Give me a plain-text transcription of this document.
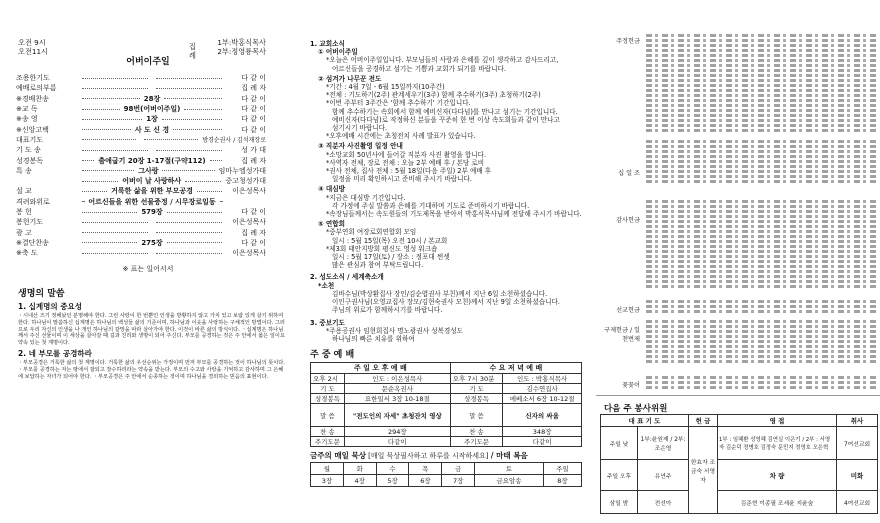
오전 9시
오전11시
집례
1부:박홍식목사
2부:정영룡목사
어버이주일
조용한기도	다 같 이
예배로의부름	집 례 자
※경배찬송	28장	다 같 이
※교 독	98번(어버이주일)	다 같 이
※송 영	1장	다 같 이
※신앙고백	사 도 신 경	다 같 이
대표기도	방경순권사 / 김석재장로
기 도 송	성 가 대
성경봉독	출애굽기 20장 1-17절(구약112)	집 례 자
특 송	그사랑	임마누엘성가대
어버이 날 사랑하사	중고청성가대
설 교	거룩한 삶을 위한 부모공경	이은성목사
격려와위로	어르신들을 위한 선물증정 / 시무장로일동
봉 헌	579장	다 같 이
봉헌기도	이은성목사
광 고	집 례 자
※결단찬송	275장	다 같 이
※축 도	이은성목사
※ 표는 일어서서
생명의 말씀
1. 십계명의 중요성
ㆍ시내산 즈기 정해놨던 분명해야 한다. 그런 사랑이 한 번뿐인 인생을 방황하지 않고 가치 있고 보람 있게 살기 위하여 한다. 하나님이 말씀하신 십계명은 하나님의 백성들 삶의 기준이며, 하나님과 이웃을 사랑하는 구체적인 방법이다. 그러므로 우리 자신의 인생을 나 개인 하나님의 갈망을 따라 살아가야 한다. 이것이 바른 삶의 방식이다. ㆍ십계명은 하나님께서 주신 선물이며 이 세상을 살아갈 때 길과 진리와 생명이 되어 주신다. 부모를 공경하는 것은 주 안에서 옳은 일이요 약속 있는 첫 계명이다.
2. 네 부모를 공경하라
ㆍ부모공경은 거룩한 삶의 첫 계명이다. 거룩한 삶의 우선순위는 가정이며 먼저 부모를 공경하는 것이 하나님의 뜻이다. ㆍ부모를 공경하는 자는 땅에서 잘되고 장수하리라는 약속을 받는다. 부모의 수고와 사랑을 기억하고 감사하며 그 은혜에 보답하는 자녀가 되어야 한다. ㆍ부모공경은 주 안에서 순종하는 것이며 하나님을 경외하는 믿음의 표현이다.
1. 교회소식
① 어버이주일
*오늘은 어버이주일입니다. 부모님들의 사랑과 은혜를 깊이 생각하고 감사드리고,
어르신들을 공경하고 섬기는 기쁨과 교회가 되기를 바랍니다.
② 섬겨가 나무꾼 전도
*기간 : 4월 7일 - 6월 15일까지(10주간)
*전체 : 기도하기(2주) 관계세우기(3주) 함께 추수하기(3주) 초청하기(2주)
*이번 주부터 3주간은 '함께 추수하기' 기간입니다.
함께 추수하기는 속회에서 함께 예비신자(다다넘)를 만나고 섬기는 기간입니다.
예비신자(다다넘)로 작정하신 분들을 꾸준히 한 번 이상 속도회들과 같이 만나고
섬기시기 바랍니다.
*오후예배 시간에는 초청전치 사례 발표가 있습니다.
③ 직분자 사진촬영 일정 안내
*소망교회 50년사에 들어갈 직분자 사진 촬영을 합니다.
*사역자 전체, 장로 전체 : 오늘 2부 예배 후 / 본당 로비
*권사 전체, 집사 전체 : 5월 18일(다음 주일) 2부 예배 후
일정을 미리 확인하시고 준비해 주시기 바랍니다.
④ 대심방
*지금은 대심방 기간입니다.
각 가정에 주실 말씀과 은혜를 기대하며 기도로 준비하시기 바랍니다.
*속장님들께서는 속도원들의 기도제목을 받아서 박홍식목사님께 전달해 주시기 바랍니다.
⑤ 연합회
*중부연회 여장로회연합회 모임
일시 : 5월 15일(목) 오전 10시 / 본교회
*제3회 태안지방회 평신도 영성 워크숍
일시 : 5월 17일(토) / 장소 : 정포대 썬셋
많은 관심과 참여 부탁드립니다.
2. 성도소식 / 세계축소개
*소천
김바수님(박상환집사 장인/김순엽권사 부친)께서 지난 6일 소천하셨습니다.
이인구권사님(오영교집사 장모/김현숙권사 모친)께서 지난 9일 소천하셨습니다.
주님의 위로가 함께하시기를 바랍니다.
3. 중보기도
*주용공권사 임현희집사 명노광권사 성복경성도
하나님의 빠른 치유를 위하여
주 중 예 배
주 일 오 후 예 배		수 요 저 녁 예 배	
오후 2시	인도 : 이은성목사	오후 7시 30분	인도 : 박홍식목사
기 도	문순옥권사	기 도	김수연집사
성경봉독	요한일서 3장 10-18절	성경봉독	에베소서 6장 10-12절
말 씀	"전도인의 자세" 초청잔치 영상	말 씀	신자의 싸움
찬 송	294장	찬 송	348장
주기도문	다같이	주기도문	다같이
금주의 매일 묵상 [매일 묵상필사하고 하루를 시작하세요] / 마태 복음
월	화	수	목	금	토	주일
3장	4장	5장	6장	7장	금요암송	8장
주정헌금
십 일 조
감사헌금
선교헌금
구제헌금 / 일천번제
꽃꽂이
다음 주 봉사위원
대 표 기 도		헌 금	영 접	취사
주일 낮	1부:윤원재 / 2부:조은영	한효자 조금숙 서영자	1부 : 임혜환 성영혜 김연실 이은기 / 2부 : 서영자 김순덕 정병호 김정숙 문민지 정영호 오은혁	7여선교회
주일 오후	유연주		차 량	미화
삼일 밤	전선아		김준현 이종필 조세윤 지윤숲	4여선교회
